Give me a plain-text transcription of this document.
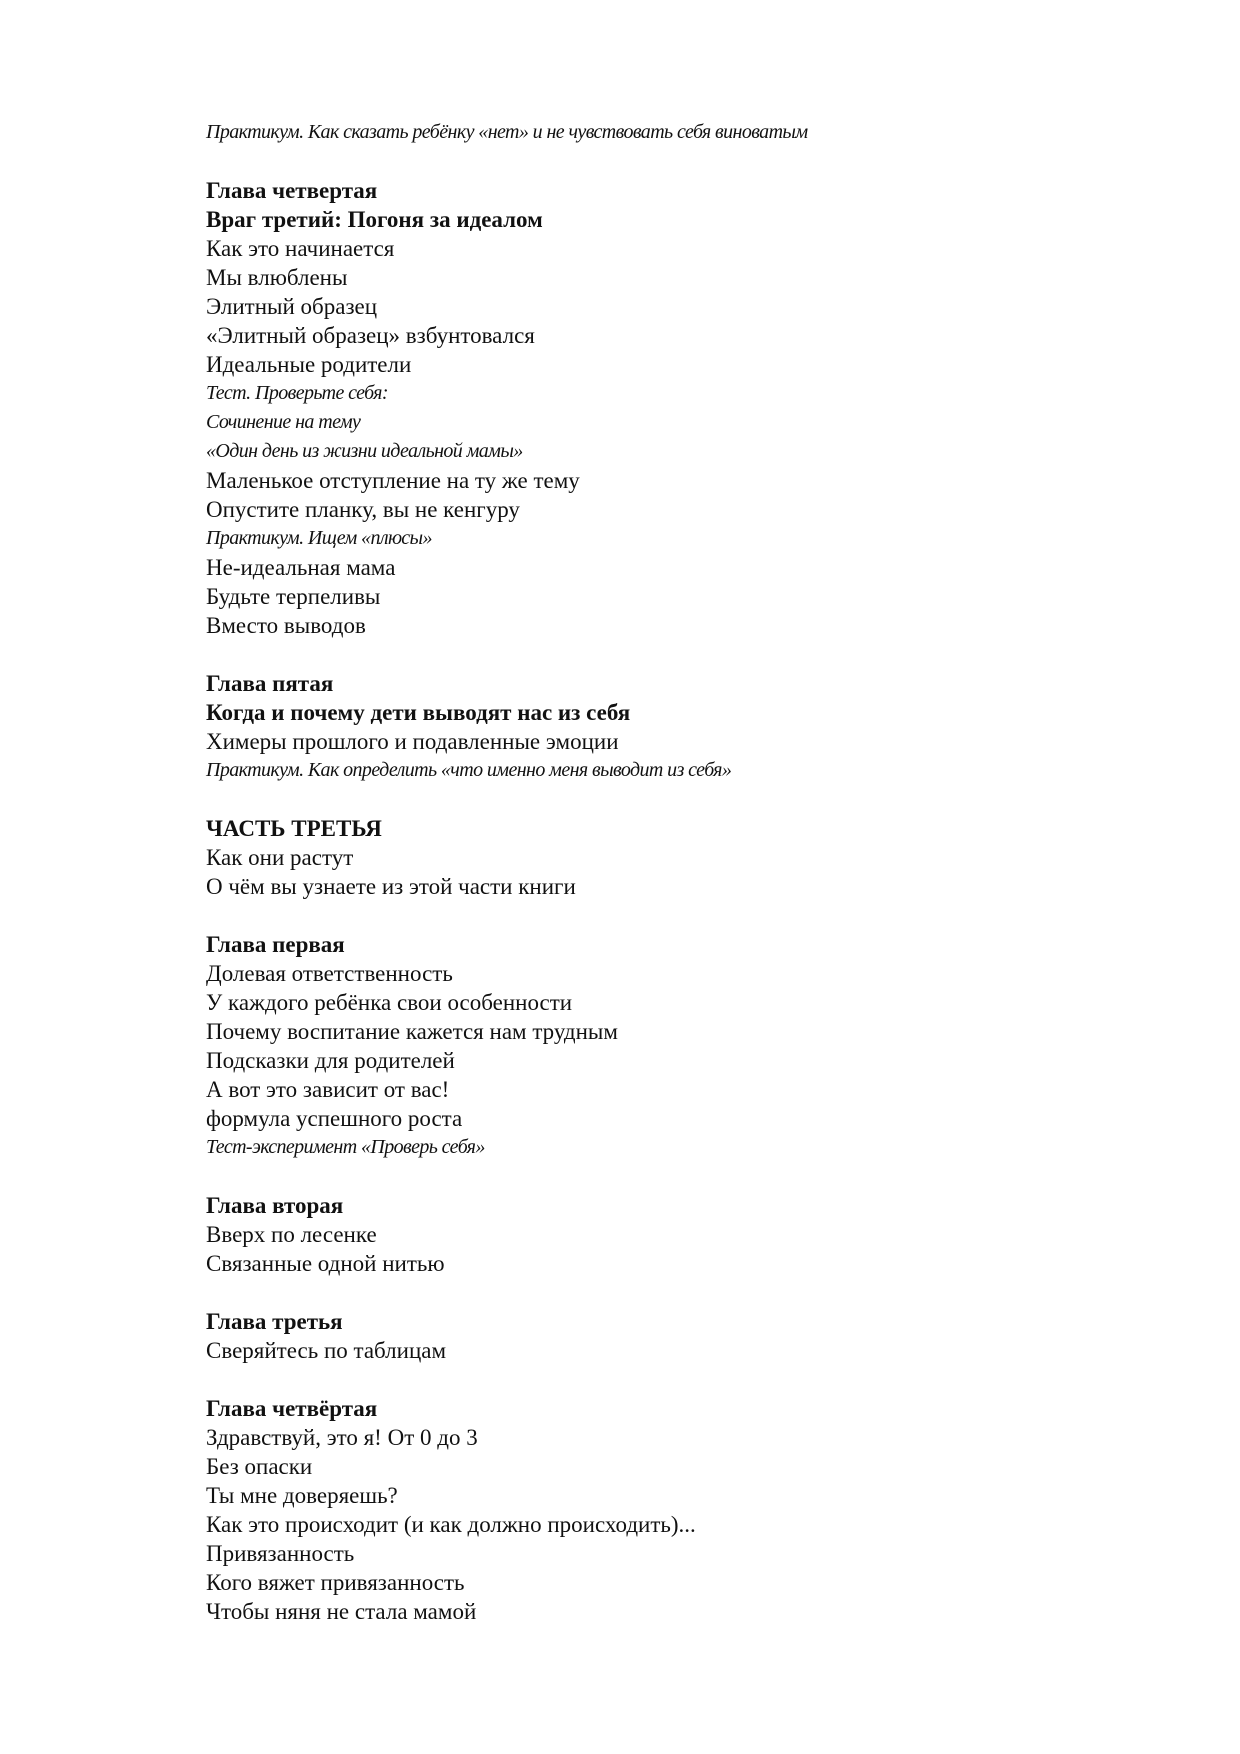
Практикум. Как сказать ребёнку «нет» и не чувствовать себя виноватым
Глава четвертая
Враг третий: Погоня за идеалом
Как это начинается
Мы влюблены
Элитный образец
«Элитный образец» взбунтовался
Идеальные родители
Тест. Проверьте себя:
Сочинение на тему
«Один день из жизни идеальной мамы»
Маленькое отступление на ту же тему
Опустите планку, вы не кенгуру
Практикум. Ищем «плюсы»
Не-идеальная мама
Будьте терпеливы
Вместо выводов
Глава пятая
Когда и почему дети выводят нас из себя
Химеры прошлого и подавленные эмоции
Практикум. Как определить «что именно меня выводит из себя»
ЧАСТЬ ТРЕТЬЯ
Как они растут
О чём вы узнаете из этой части книги
Глава первая
Долевая ответственность
У каждого ребёнка свои особенности
Почему воспитание кажется нам трудным
Подсказки для родителей
А вот это зависит от вас!
формула успешного роста
Тест-эксперимент «Проверь себя»
Глава вторая
Вверх по лесенке
Связанные одной нитью
Глава третья
Сверяйтесь по таблицам
Глава четвёртая
Здравствуй, это я! От 0 до 3
Без опаски
Ты мне доверяешь?
Как это происходит (и как должно происходить)...
Привязанность
Кого вяжет привязанность
Чтобы няня не стала мамой
